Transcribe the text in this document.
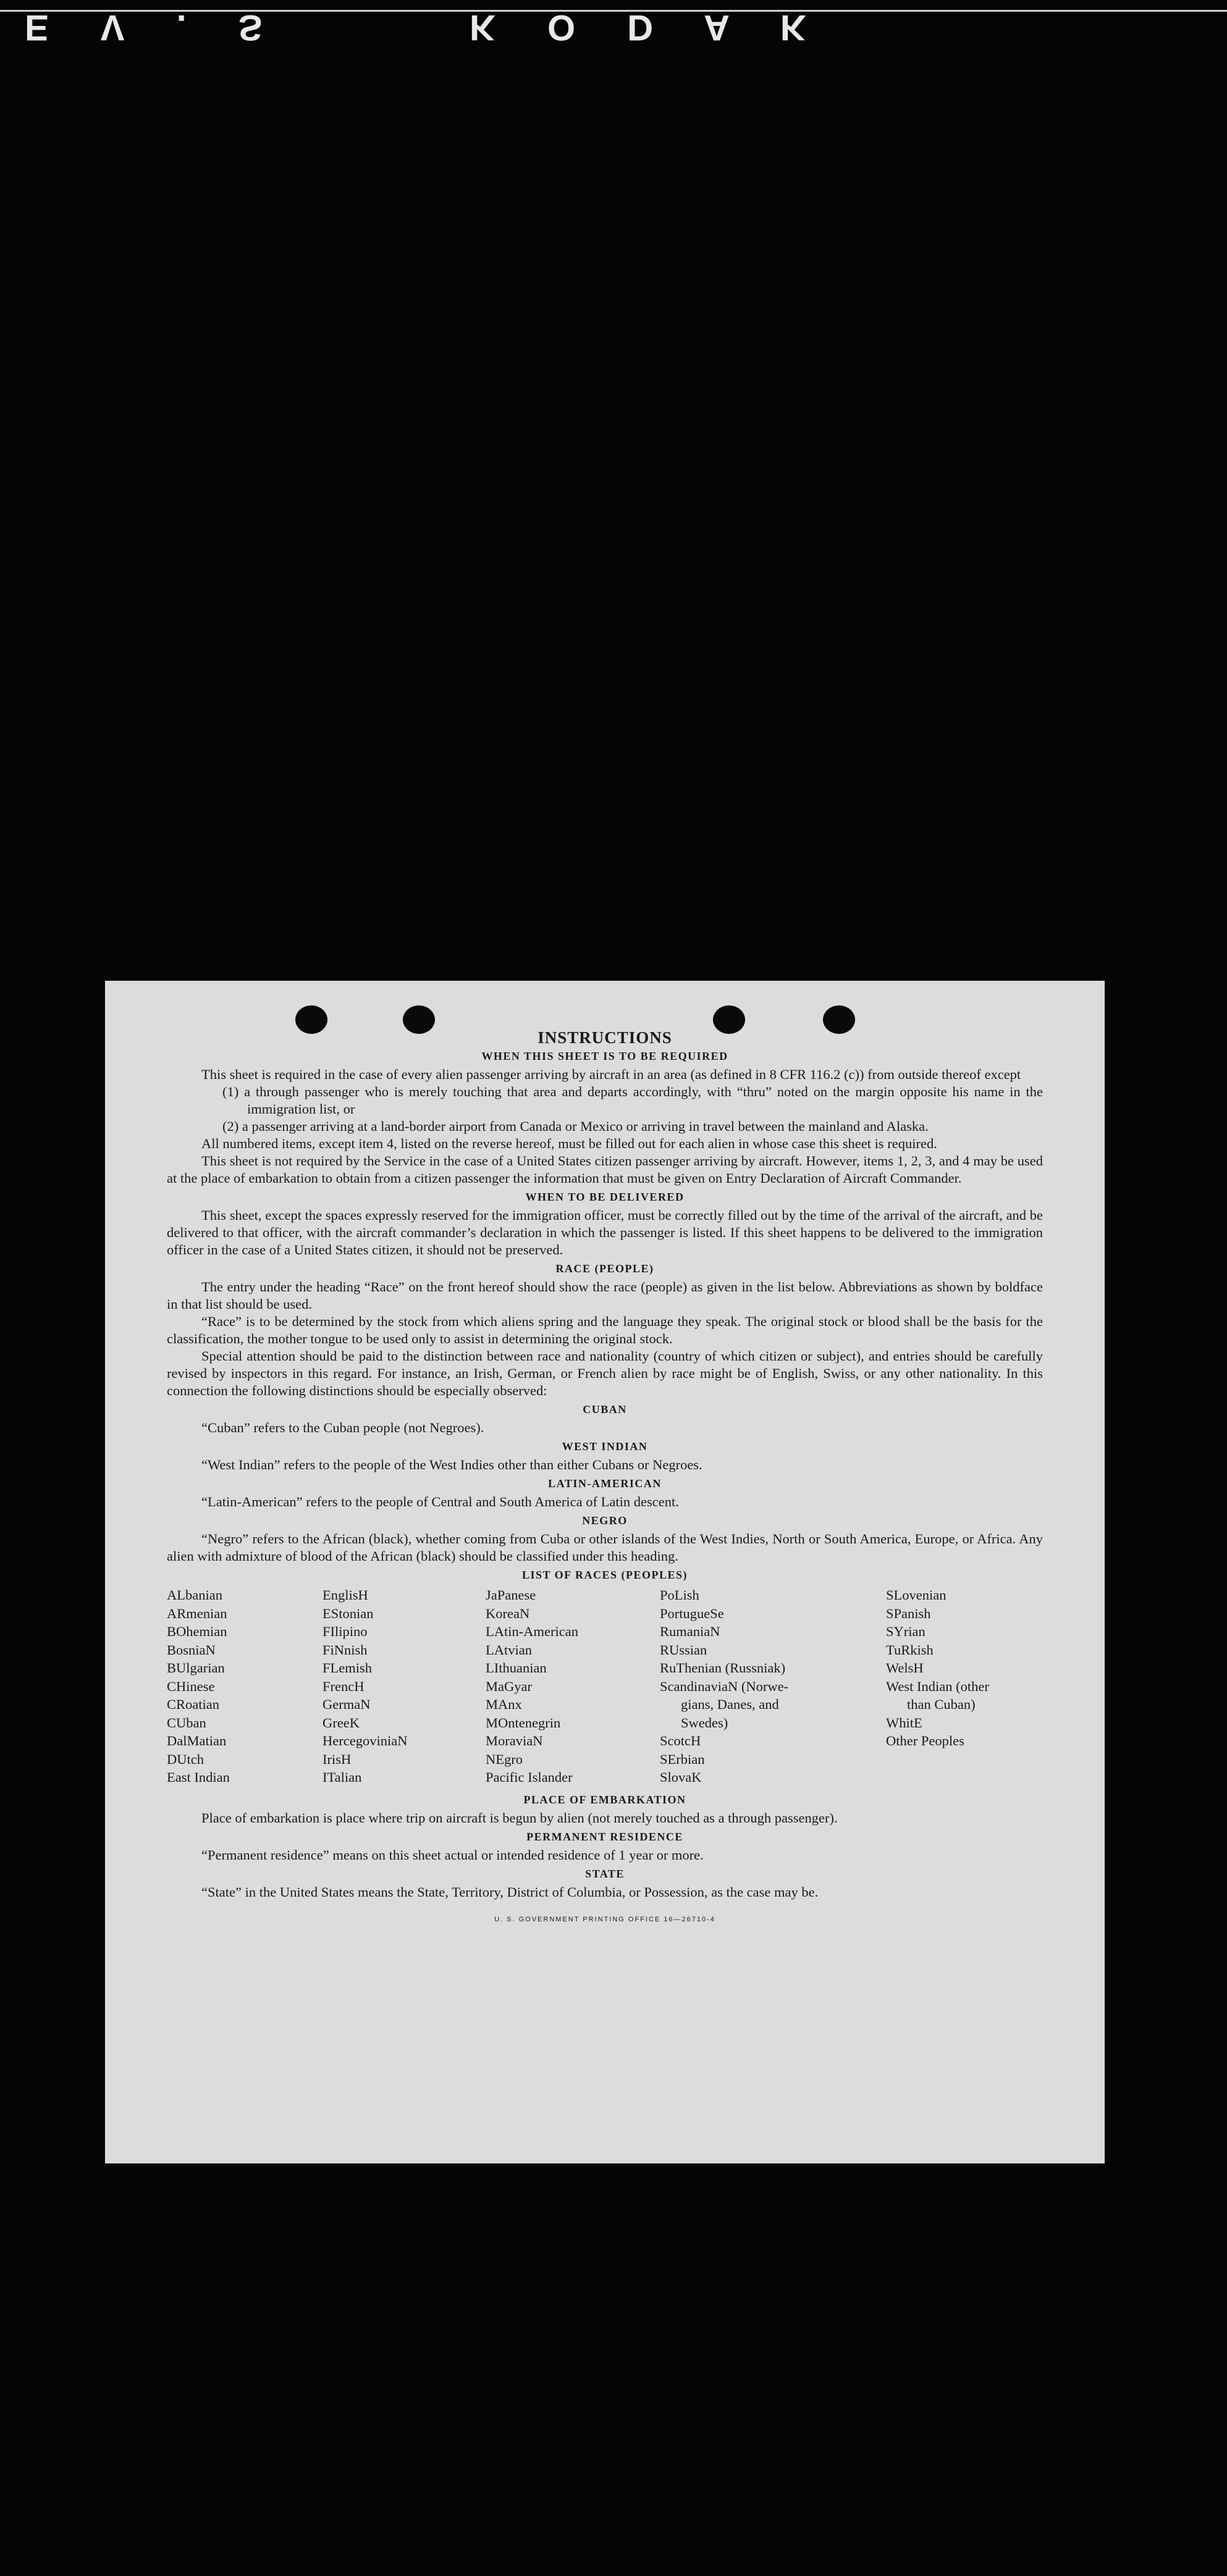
E V . S	K O D A K
INSTRUCTIONS
WHEN THIS SHEET IS TO BE REQUIRED

This sheet is required in the case of every alien passenger arriving by aircraft in an area (as defined in 8 CFR 116.2 (c)) from outside thereof except

(1) a through passenger who is merely touching that area and departs accordingly, with “thru” noted on the margin opposite his name in the immigration list, or

(2) a passenger arriving at a land-border airport from Canada or Mexico or arriving in travel between the mainland and Alaska.

All numbered items, except item 4, listed on the reverse hereof, must be filled out for each alien in whose case this sheet is required.

This sheet is not required by the Service in the case of a United States citizen passenger arriving by aircraft. However, items 1, 2, 3, and 4 may be used at the place of embarkation to obtain from a citizen passenger the information that must be given on Entry Declaration of Aircraft Commander.

WHEN TO BE DELIVERED

This sheet, except the spaces expressly reserved for the immigration officer, must be correctly filled out by the time of the arrival of the aircraft, and be delivered to that officer, with the aircraft commander’s declaration in which the passenger is listed. If this sheet happens to be delivered to the immigration officer in the case of a United States citizen, it should not be preserved.

RACE (PEOPLE)

The entry under the heading “Race” on the front hereof should show the race (people) as given in the list below. Abbreviations as shown by boldface in that list should be used.

“Race” is to be determined by the stock from which aliens spring and the language they speak. The original stock or blood shall be the basis for the classification, the mother tongue to be used only to assist in determining the original stock.

Special attention should be paid to the distinction between race and nationality (country of which citizen or subject), and entries should be carefully revised by inspectors in this regard. For instance, an Irish, German, or French alien by race might be of English, Swiss, or any other nationality. In this connection the following distinctions should be especially observed:

CUBAN

“Cuban” refers to the Cuban people (not Negroes).

WEST INDIAN

“West Indian” refers to the people of the West Indies other than either Cubans or Negroes.

LATIN-AMERICAN

“Latin-American” refers to the people of Central and South America of Latin descent.

NEGRO

“Negro” refers to the African (black), whether coming from Cuba or other islands of the West Indies, North or South America, Europe, or Africa. Any alien with admixture of blood of the African (black) should be classified under this heading.

LIST OF RACES (PEOPLES)
ALbanian
ARmenian
BOhemian
BosniaN
BUlgarian
CHinese
CRoatian
CUban
DalMatian
DUtch
East Indian
EnglisH
EStonian
FIlipino
FiNnish
FLemish
FrencH
GermaN
GreeK
HercegoviniaN
IrisH
ITalian
JaPanese
KoreaN
LAtin-American
LAtvian
LIthuanian
MaGyar
MAnx
MOntenegrin
MoraviaN
NEgro
Pacific Islander
PoLish
PortugueSe
RumaniaN
RUssian
RuThenian (Russniak)
ScandinaviaN (Norwe-
gians, Danes, and
Swedes)
ScotcH
SErbian
SlovaK
SLovenian
SPanish
SYrian
TuRkish
WelsH
West Indian (other
than Cuban)
WhitE
Other Peoples
PLACE OF EMBARKATION

Place of embarkation is place where trip on aircraft is begun by alien (not merely touched as a through passenger).

PERMANENT RESIDENCE

“Permanent residence” means on this sheet actual or intended residence of 1 year or more.

STATE

“State” in the United States means the State, Territory, District of Columbia, or Possession, as the case may be.

U. S. GOVERNMENT PRINTING OFFICE 16—26710-4
